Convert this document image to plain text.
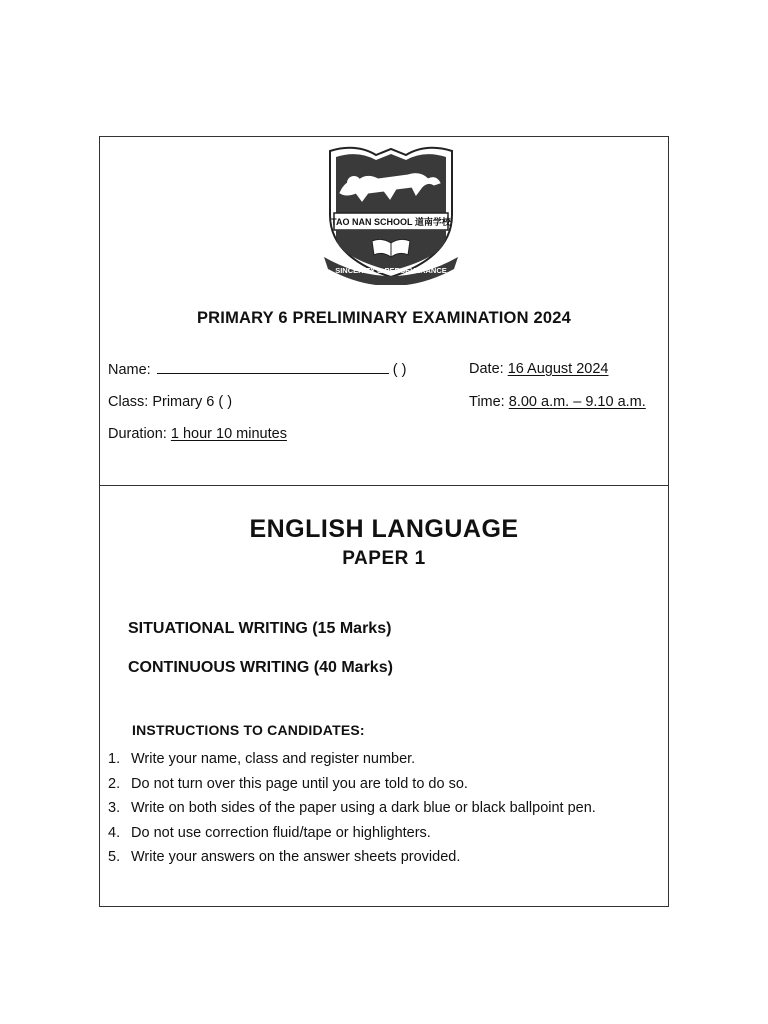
TAO NAN SCHOOL 道南学校
SINCERITY & PERSEVERANCE
PRIMARY 6 PRELIMINARY EXAMINATION 2024
Name:	( )	Date: 16 August 2024
Class: Primary 6 ( )	Time: 8.00 a.m. – 9.10 a.m.
Duration: 1 hour 10 minutes
ENGLISH LANGUAGE
PAPER 1
SITUATIONAL WRITING (15 Marks)
CONTINUOUS WRITING (40 Marks)
INSTRUCTIONS TO CANDIDATES:
1. Write your name, class and register number.
2. Do not turn over this page until you are told to do so.
3. Write on both sides of the paper using a dark blue or black ballpoint pen.
4. Do not use correction fluid/tape or highlighters.
5. Write your answers on the answer sheets provided.
